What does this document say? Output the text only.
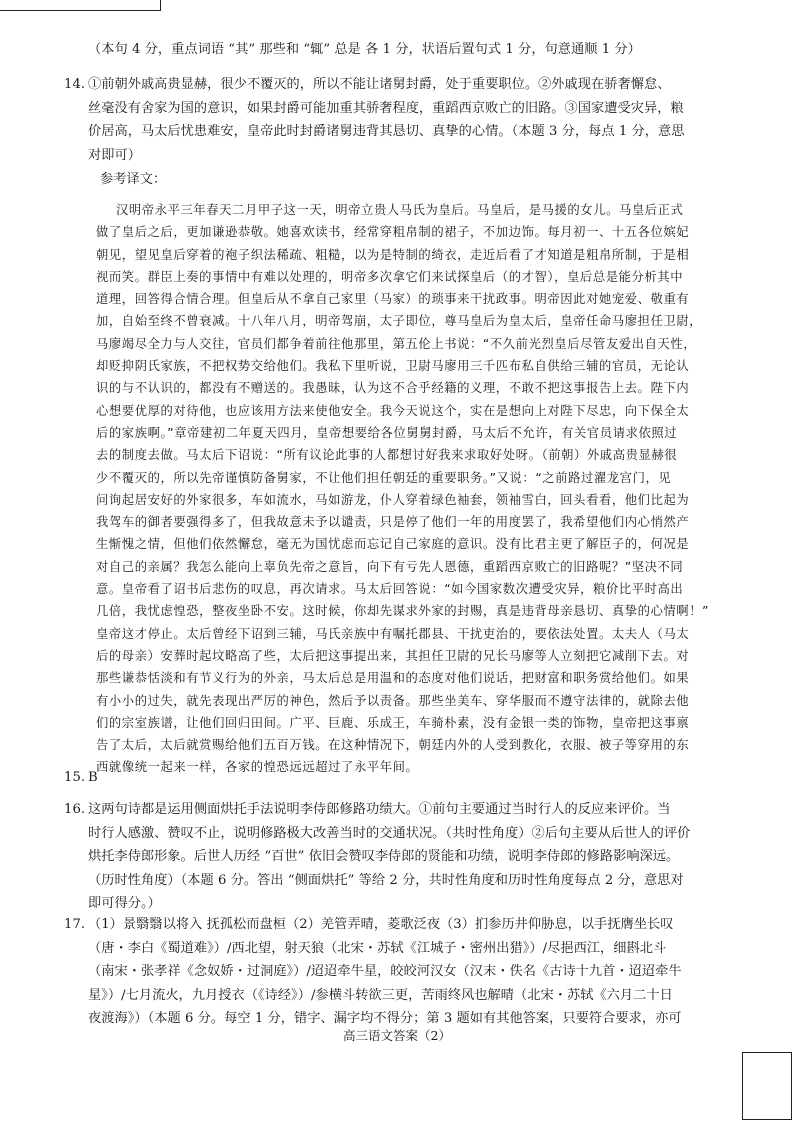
（本句 4 分，重点词语 “其” 那些和 “辄” 总是 各 1 分，状语后置句式 1 分，句意通顺 1 分）
14. ①前朝外戚高贵显赫，很少不覆灭的，所以不能让诸舅封爵，处于重要职位。②外戚现在骄奢懈怠、
丝毫没有舍家为国的意识，如果封爵可能加重其骄奢程度，重蹈西京败亡的旧路。③国家遭受灾异，粮
价居高，马太后忧患难安，皇帝此时封爵诸舅违背其恳切、真挚的心情。（本题 3 分，每点 1 分，意思
对即可）
参考译文：
汉明帝永平三年春天二月甲子这一天，明帝立贵人马氏为皇后。马皇后，是马援的女儿。马皇后正式
做了皇后之后，更加谦逊恭敬。她喜欢读书，经常穿粗帛制的裙子，不加边饰。每月初一、十五各位嫔妃
朝见，望见皇后穿着的袍子织法稀疏、粗糙，以为是特制的绮衣，走近后看了才知道是粗帛所制，于是相
视而笑。群臣上奏的事情中有难以处理的，明帝多次拿它们来试探皇后（的才智），皇后总是能分析其中
道理，回答得合情合理。但皇后从不拿自己家里（马家）的琐事来干扰政事。明帝因此对她宠爱、敬重有
加，自始至终不曾衰减。十八年八月，明帝驾崩，太子即位，尊马皇后为皇太后，皇帝任命马廖担任卫尉，
马廖竭尽全力与人交往，官员们都争着前往他那里，第五伦上书说：“不久前光烈皇后尽管友爱出自天性，
却贬抑阴氏家族，不把权势交给他们。我私下里听说，卫尉马廖用三千匹布私自供给三辅的官员，无论认
识的与不认识的，都没有不赠送的。我愚昧，认为这不合乎经籍的义理，不敢不把这事报告上去。陛下内
心想要优厚的对待他，也应该用方法来使他安全。我今天说这个，实在是想向上对陛下尽忠，向下保全太
后的家族啊。”章帝建初二年夏天四月，皇帝想要给各位舅舅封爵，马太后不允许，有关官员请求依照过
去的制度去做。马太后下诏说：“所有议论此事的人都想讨好我来求取好处呀。（前朝）外戚高贵显赫很
少不覆灭的，所以先帝谨慎防备舅家，不让他们担任朝廷的重要职务。”又说：“之前路过濯龙宫门，见
问询起居安好的外家很多，车如流水，马如游龙，仆人穿着绿色袖套，领袖雪白，回头看看，他们比起为
我驾车的御者要强得多了，但我故意未予以谴责，只是停了他们一年的用度罢了，我希望他们内心悄然产
生惭愧之情，但他们依然懈怠，毫无为国忧虑而忘记自己家庭的意识。没有比君主更了解臣子的，何况是
对自己的亲属？我怎么能向上辜负先帝之意旨，向下有亏先人恩德，重蹈西京败亡的旧路呢？”坚决不同
意。皇帝看了诏书后悲伤的叹息，再次请求。马太后回答说：“如今国家数次遭受灾异，粮价比平时高出
几倍，我忧虑惶恐，整夜坐卧不安。这时候，你却先谋求外家的封赐，真是违背母亲恳切、真挚的心情啊！”
皇帝这才停止。太后曾经下诏到三辅，马氏亲族中有嘱托郡县、干扰吏治的，要依法处置。太夫人（马太
后的母亲）安葬时起坟略高了些，太后把这事提出来，其担任卫尉的兄长马廖等人立刻把它减削下去。对
那些谦恭恬淡和有节义行为的外亲，马太后总是用温和的态度对他们说话，把财富和职务赏给他们。如果
有小小的过失，就先表现出严厉的神色，然后予以责备。那些坐美车、穿华服而不遵守法律的，就除去他
们的宗室族谱，让他们回归田间。广平、巨鹿、乐成王，车骑朴素，没有金银一类的饰物，皇帝把这事禀
告了太后，太后就赏赐给他们五百万钱。在这种情况下，朝廷内外的人受到教化，衣服、被子等穿用的东
西就像统一起来一样，各家的惶恐远远超过了永平年间。
15. B
16. 这两句诗都是运用侧面烘托手法说明李侍郎修路功绩大。①前句主要通过当时行人的反应来评价。当
时行人感激、赞叹不止，说明修路极大改善当时的交通状况。（共时性角度）②后句主要从后世人的评价
烘托李侍郎形象。后世人历经 “百世” 依旧会赞叹李侍郎的贤能和功绩，说明李侍郎的修路影响深远。
（历时性角度）（本题 6 分。答出 “侧面烘托” 等给 2 分，共时性角度和历时性角度每点 2 分，意思对
即可得分。）
17. （1）景翳翳以将入 抚孤松而盘桓（2）羌管弄晴，菱歌泛夜（3）扪参历井仰胁息，以手抚膺坐长叹
（唐・李白《蜀道难》）/西北望，射天狼（北宋・苏轼《江城子・密州出猎》）/尽挹西江，细斟北斗
（南宋・张孝祥《念奴娇・过洞庭》）/迢迢牵牛星，皎皎河汉女（汉末・佚名《古诗十九首・迢迢牵牛
星》）/七月流火，九月授衣（《诗经》）/参横斗转欲三更，苦雨终风也解晴（北宋・苏轼《六月二十日
夜渡海》）（本题 6 分。每空 1 分，错字、漏字均不得分；第 3 题如有其他答案，只要符合要求，亦可
高三语文答案（2）
